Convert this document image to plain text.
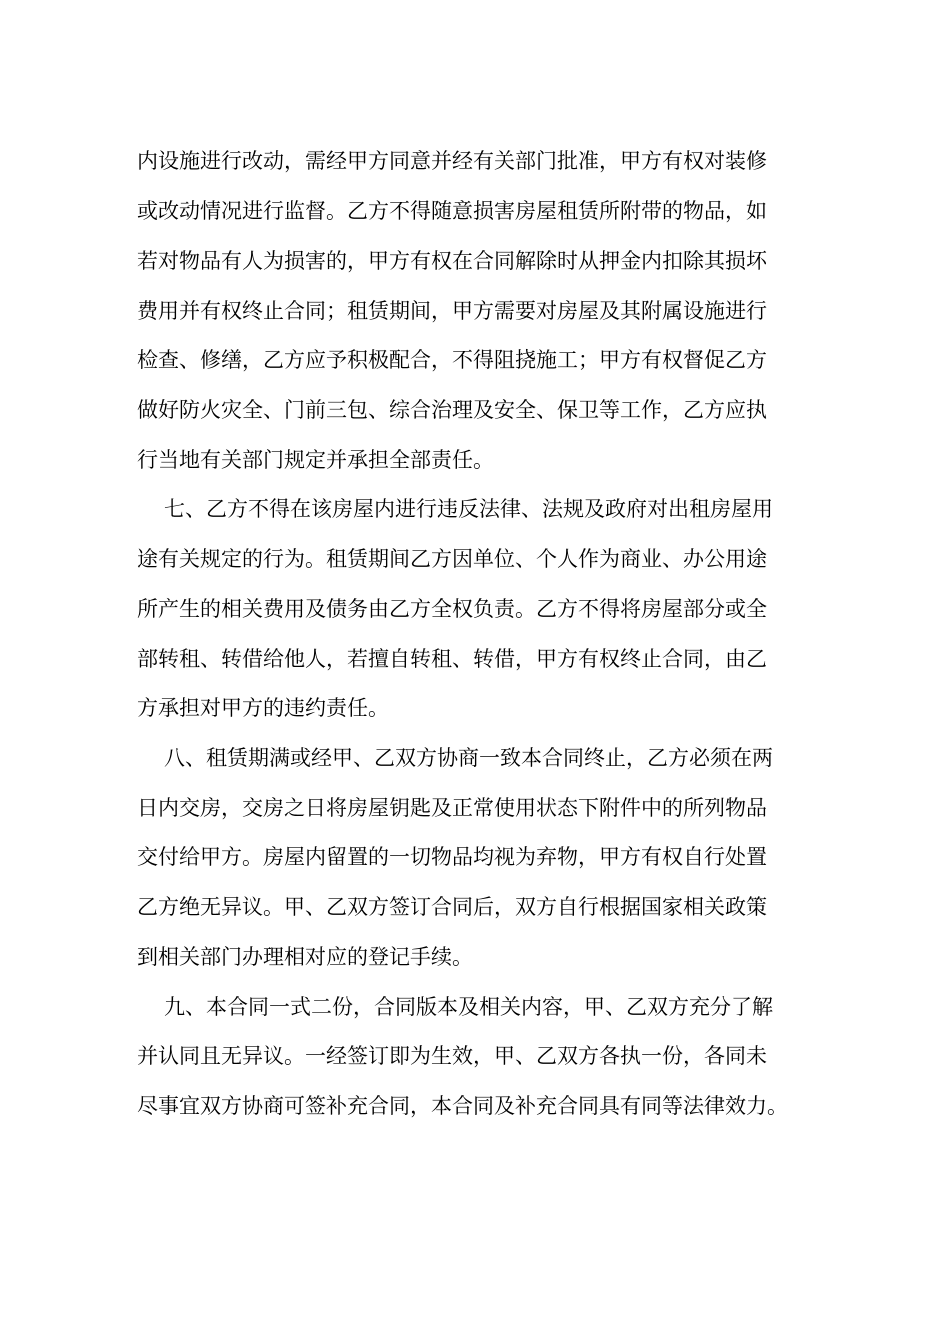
内设施进行改动，需经甲方同意并经有关部门批准，甲方有权对装修
或改动情况进行监督。乙方不得随意损害房屋租赁所附带的物品，如
若对物品有人为损害的，甲方有权在合同解除时从押金内扣除其损坏
费用并有权终止合同；租赁期间，甲方需要对房屋及其附属设施进行
检查、修缮，乙方应予积极配合，不得阻挠施工；甲方有权督促乙方
做好防火灾全、门前三包、综合治理及安全、保卫等工作，乙方应执
行当地有关部门规定并承担全部责任。
七、乙方不得在该房屋内进行违反法律、法规及政府对出租房屋用
途有关规定的行为。租赁期间乙方因单位、个人作为商业、办公用途
所产生的相关费用及债务由乙方全权负责。乙方不得将房屋部分或全
部转租、转借给他人，若擅自转租、转借，甲方有权终止合同，由乙
方承担对甲方的违约责任。
八、租赁期满或经甲、乙双方协商一致本合同终止，乙方必须在两
日内交房，交房之日将房屋钥匙及正常使用状态下附件中的所列物品
交付给甲方。房屋内留置的一切物品均视为弃物，甲方有权自行处置
乙方绝无异议。甲、乙双方签订合同后，双方自行根据国家相关政策
到相关部门办理相对应的登记手续。
九、本合同一式二份，合同版本及相关内容，甲、乙双方充分了解
并认同且无异议。一经签订即为生效，甲、乙双方各执一份，各同未
尽事宜双方协商可签补充合同，本合同及补充合同具有同等法律效力。
